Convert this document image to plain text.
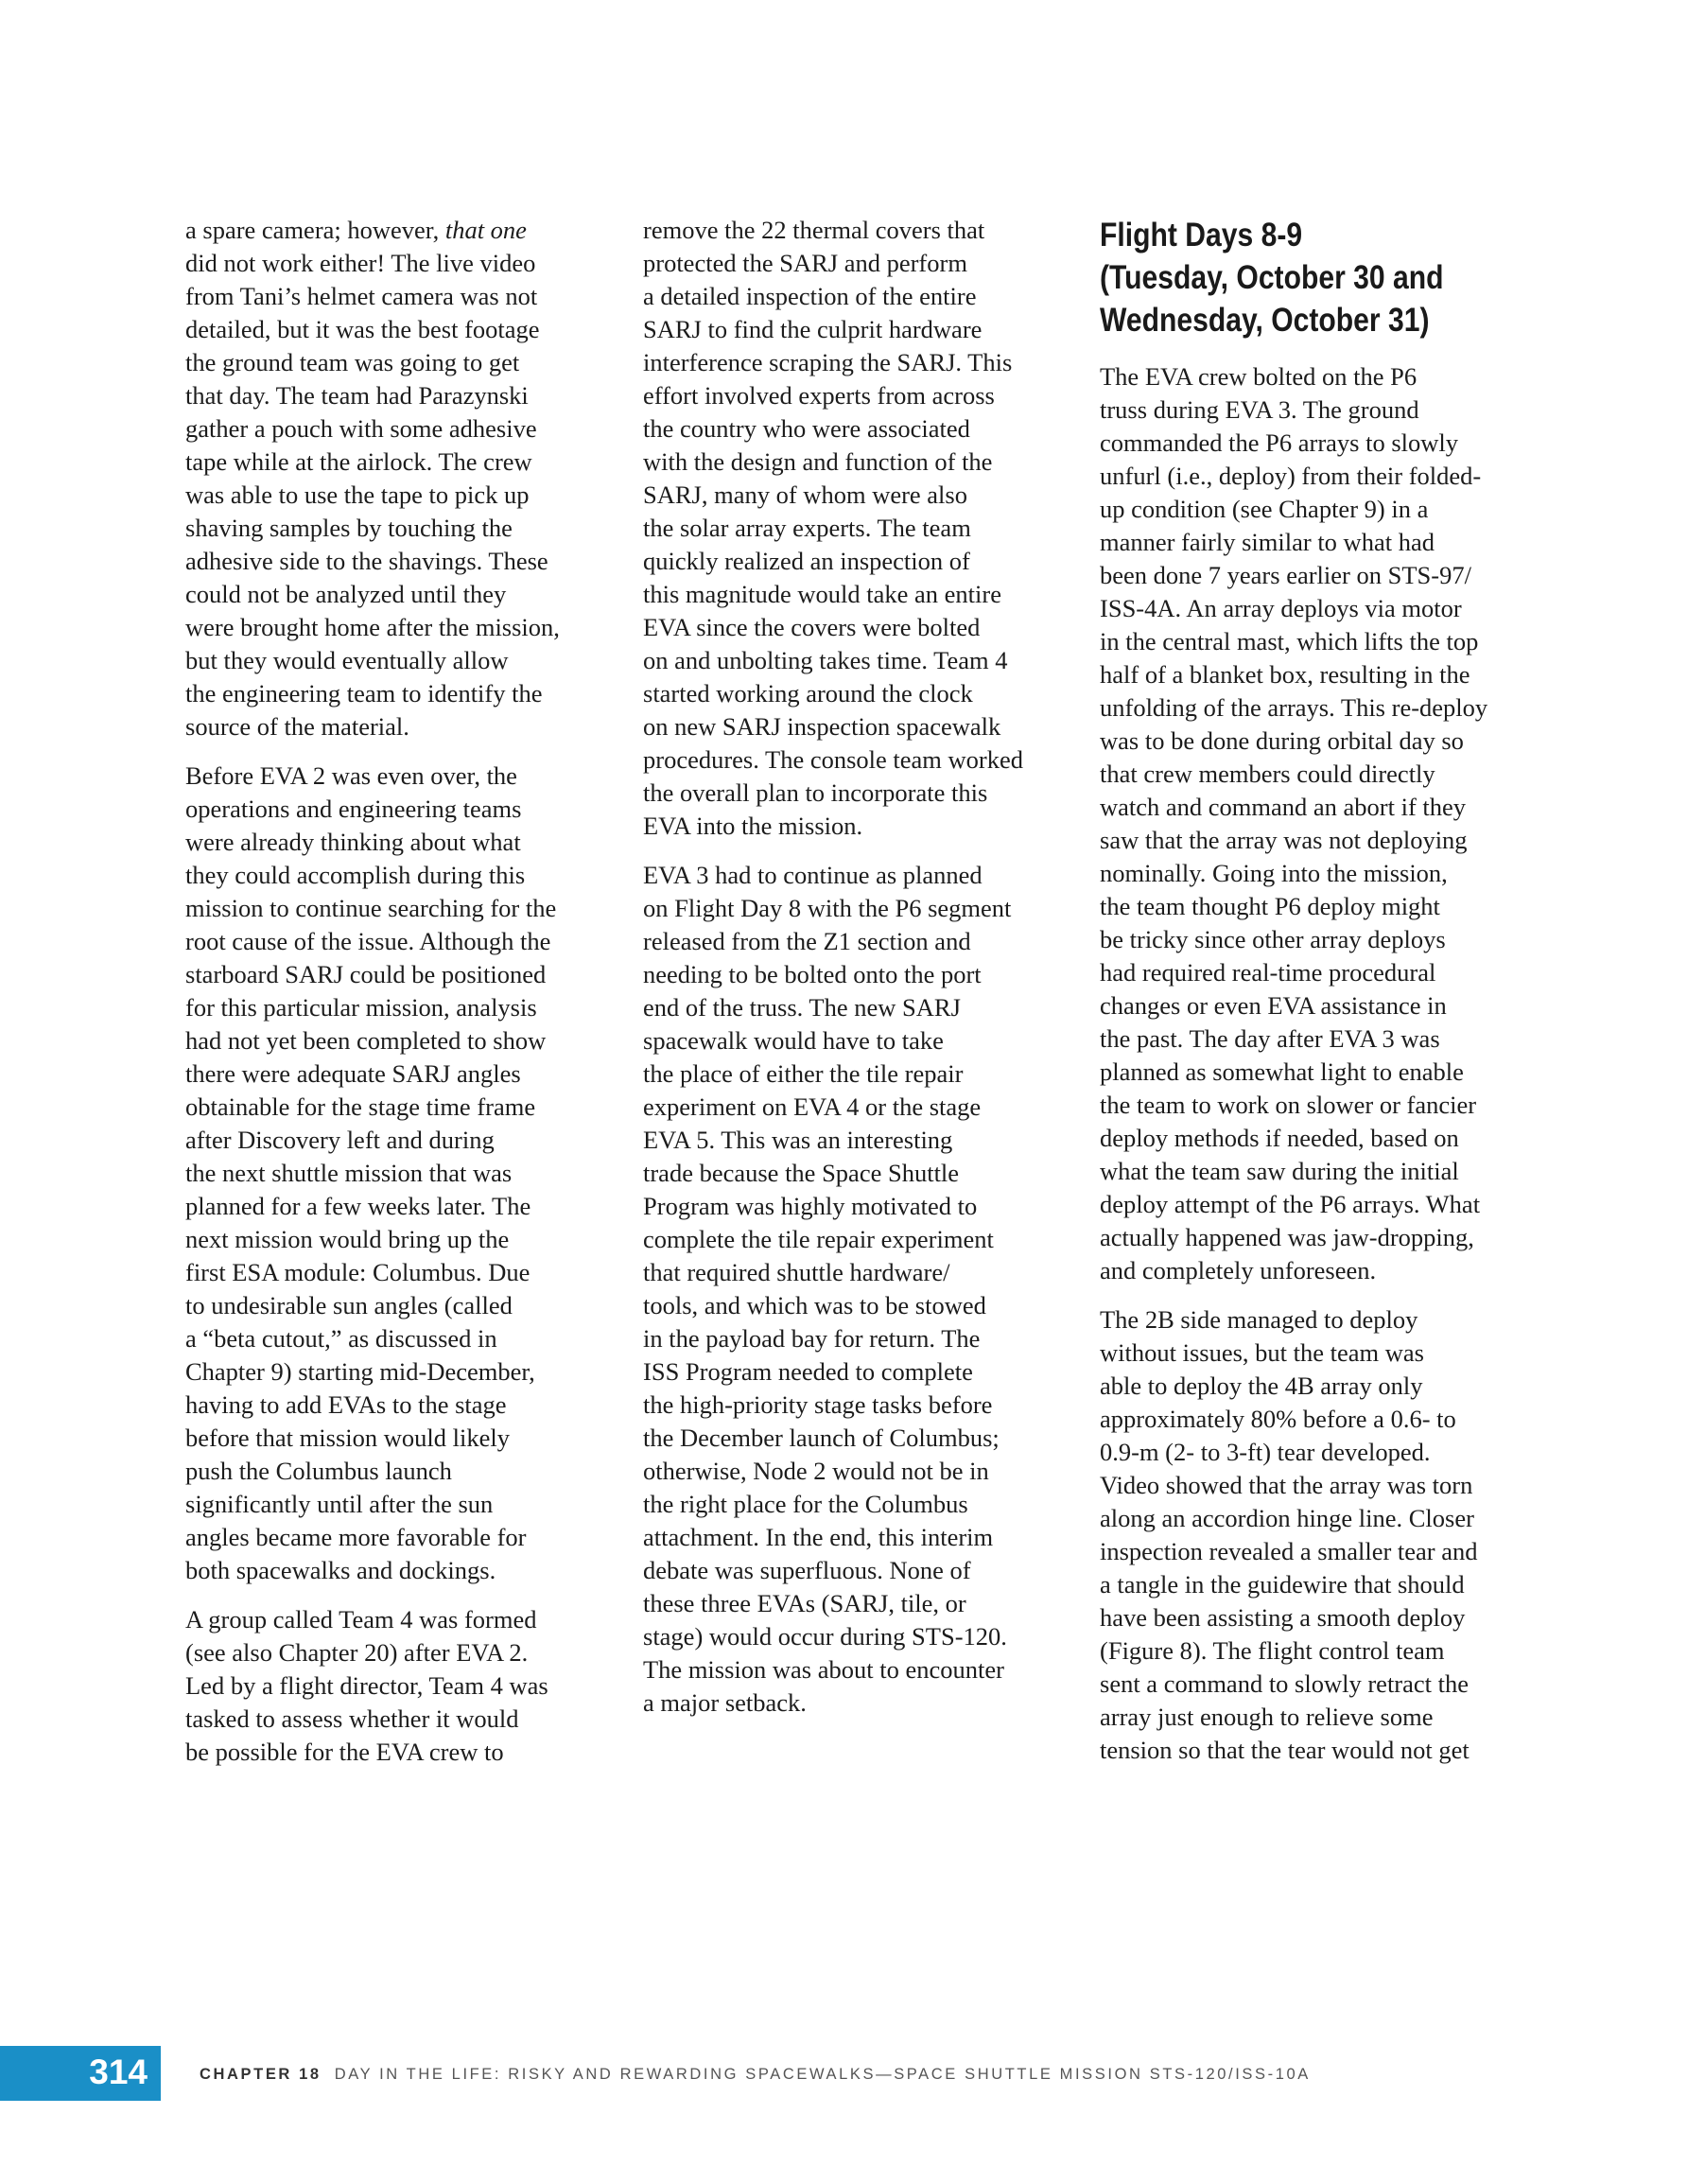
a spare camera; however, that one
did not work either! The live video
from Tani’s helmet camera was not
detailed, but it was the best footage
the ground team was going to get
that day. The team had Parazynski
gather a pouch with some adhesive
tape while at the airlock. The crew
was able to use the tape to pick up
shaving samples by touching the
adhesive side to the shavings. These
could not be analyzed until they
were brought home after the mission,
but they would eventually allow
the engineering team to identify the
source of the material.

Before EVA 2 was even over, the
operations and engineering teams
were already thinking about what
they could accomplish during this
mission to continue searching for the
root cause of the issue. Although the
starboard SARJ could be positioned
for this particular mission, analysis
had not yet been completed to show
there were adequate SARJ angles
obtainable for the stage time frame
after Discovery left and during
the next shuttle mission that was
planned for a few weeks later. The
next mission would bring up the
first ESA module: Columbus. Due
to undesirable sun angles (called
a “beta cutout,” as discussed in
Chapter 9) starting mid-December,
having to add EVAs to the stage
before that mission would likely
push the Columbus launch
significantly until after the sun
angles became more favorable for
both spacewalks and dockings.

A group called Team 4 was formed
(see also Chapter 20) after EVA 2.
Led by a flight director, Team 4 was
tasked to assess whether it would
be possible for the EVA crew to

remove the 22 thermal covers that
protected the SARJ and perform
a detailed inspection of the entire
SARJ to find the culprit hardware
interference scraping the SARJ. This
effort involved experts from across
the country who were associated
with the design and function of the
SARJ, many of whom were also
the solar array experts. The team
quickly realized an inspection of
this magnitude would take an entire
EVA since the covers were bolted
on and unbolting takes time. Team 4
started working around the clock
on new SARJ inspection spacewalk
procedures. The console team worked
the overall plan to incorporate this
EVA into the mission.

EVA 3 had to continue as planned
on Flight Day 8 with the P6 segment
released from the Z1 section and
needing to be bolted onto the port
end of the truss. The new SARJ
spacewalk would have to take
the place of either the tile repair
experiment on EVA 4 or the stage
EVA 5. This was an interesting
trade because the Space Shuttle
Program was highly motivated to
complete the tile repair experiment
that required shuttle hardware/
tools, and which was to be stowed
in the payload bay for return. The
ISS Program needed to complete
the high-priority stage tasks before
the December launch of Columbus;
otherwise, Node 2 would not be in
the right place for the Columbus
attachment. In the end, this interim
debate was superfluous. None of
these three EVAs (SARJ, tile, or
stage) would occur during STS-120.
The mission was about to encounter
a major setback.

Flight Days 8-9
(Tuesday, October 30 and
Wednesday, October 31)

The EVA crew bolted on the P6
truss during EVA 3. The ground
commanded the P6 arrays to slowly
unfurl (i.e., deploy) from their folded-
up condition (see Chapter 9) in a
manner fairly similar to what had
been done 7 years earlier on STS-97/
ISS-4A. An array deploys via motor
in the central mast, which lifts the top
half of a blanket box, resulting in the
unfolding of the arrays. This re-deploy
was to be done during orbital day so
that crew members could directly
watch and command an abort if they
saw that the array was not deploying
nominally. Going into the mission,
the team thought P6 deploy might
be tricky since other array deploys
had required real-time procedural
changes or even EVA assistance in
the past. The day after EVA 3 was
planned as somewhat light to enable
the team to work on slower or fancier
deploy methods if needed, based on
what the team saw during the initial
deploy attempt of the P6 arrays. What
actually happened was jaw-dropping,
and completely unforeseen.

The 2B side managed to deploy
without issues, but the team was
able to deploy the 4B array only
approximately 80% before a 0.6- to
0.9-m (2- to 3-ft) tear developed.
Video showed that the array was torn
along an accordion hinge line. Closer
inspection revealed a smaller tear and
a tangle in the guidewire that should
have been assisting a smooth deploy
(Figure 8). The flight control team
sent a command to slowly retract the
array just enough to relieve some
tension so that the tear would not get

314	CHAPTER 18 DAY IN THE LIFE: RISKY AND REWARDING SPACEWALKS—SPACE SHUTTLE MISSION STS-120/ISS-10A
